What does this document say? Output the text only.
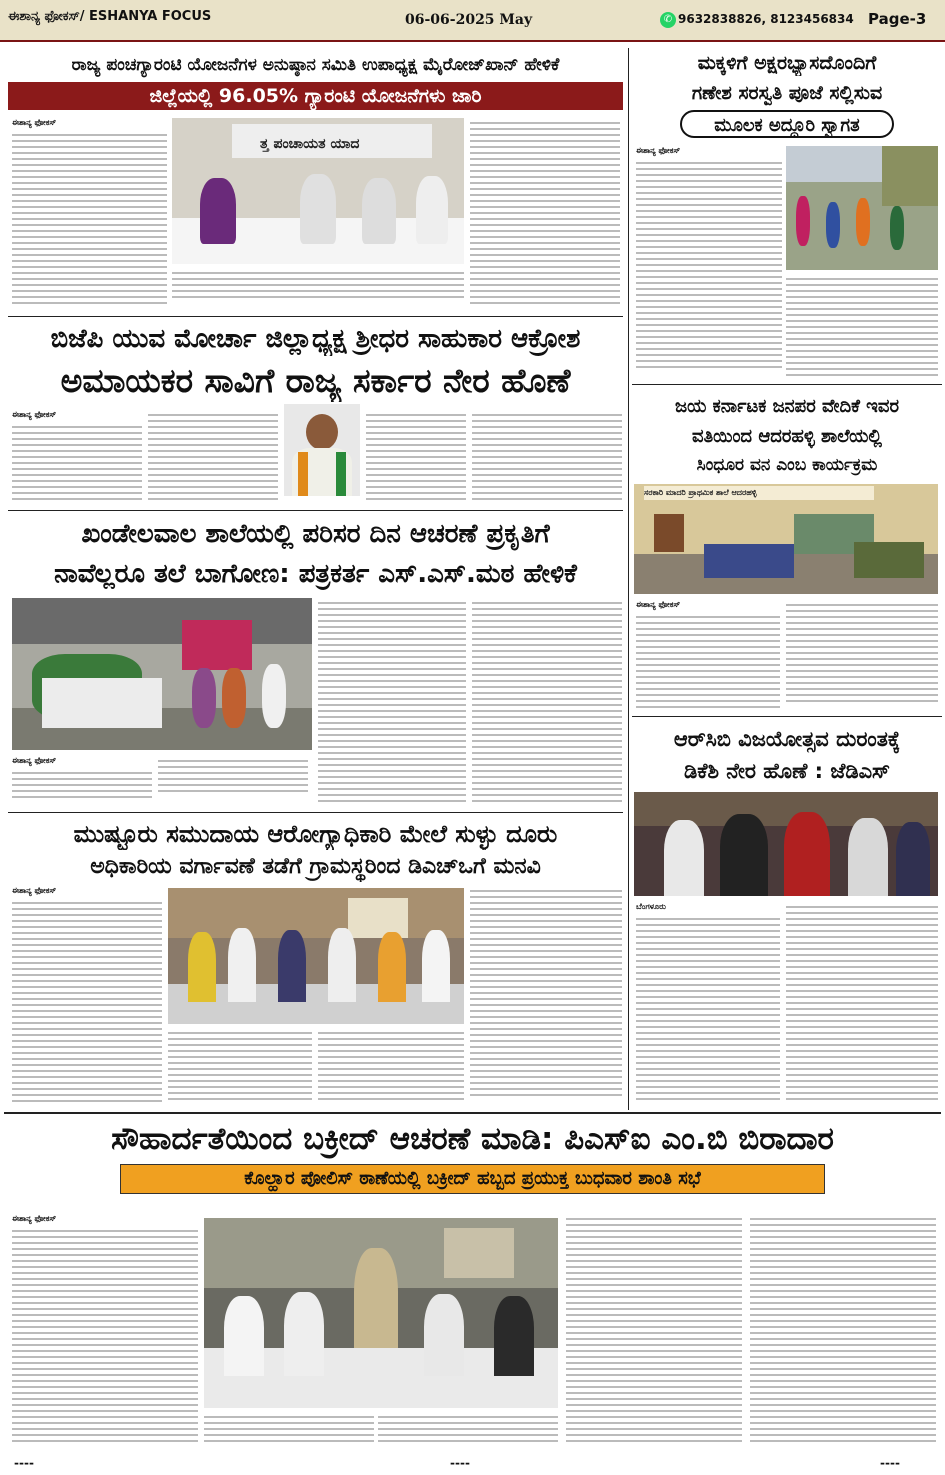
ಈಶಾನ್ಯ ಫೋಕಸ್/ ESHANYA FOCUS	06-06-2025 May	✆ 9632838826, 8123456834 Page-3
ರಾಜ್ಯ ಪಂಚಗ್ಯಾರಂಟಿ ಯೋಜನೆಗಳ ಅನುಷ್ಠಾನ ಸಮಿತಿ ಉಪಾಧ್ಯಕ್ಷ ಮೈರೋಜ್‌ಖಾನ್ ಹೇಳಿಕೆ
ಜಿಲ್ಲೆಯಲ್ಲಿ 96.05% ಗ್ಯಾರಂಟಿ ಯೋಜನೆಗಳು ಜಾರಿ
ಈಶಾನ್ಯ ಫೋಕಸ್
ತ್ತ ಪಂಚಾಯತ ಯಾದ
ಮಕ್ಕಳಿಗೆ ಅಕ್ಷರಭ್ಯಾಸದೊಂದಿಗೆ
ಗಣೇಶ ಸರಸ್ವತಿ ಪೂಜೆ ಸಲ್ಲಿಸುವ
ಮೂಲಕ ಅದ್ದೂರಿ ಸ್ವಾಗತ
ಈಶಾನ್ಯ ಫೋಕಸ್
ಬಿಜೆಪಿ ಯುವ ಮೋರ್ಚಾ ಜಿಲ್ಲಾಧ್ಯಕ್ಷ ಶ್ರೀಧರ ಸಾಹುಕಾರ ಆಕ್ರೋಶ
ಅಮಾಯಕರ ಸಾವಿಗೆ ರಾಜ್ಯ ಸರ್ಕಾರ ನೇರ ಹೊಣೆ
ಈಶಾನ್ಯ ಫೋಕಸ್	ಜಯ ಕರ್ನಾಟಕ ಜನಪರ ವೇದಿಕೆ ಇವರ
ವತಿಯಿಂದ ಆದರಹಳ್ಳಿ ಶಾಲೆಯಲ್ಲಿ
ಸಿಂಧೂರ ವನ ಎಂಬ ಕಾರ್ಯಕ್ರಮ
ಸರಕಾರಿ ಮಾದರಿ ಪ್ರಾಥಮಿಕ ಶಾಲೆ ಆದರಹಳ್ಳಿ
ಈಶಾನ್ಯ ಫೋಕಸ್
ಖಂಡೇಲವಾಲ ಶಾಲೆಯಲ್ಲಿ ಪರಿಸರ ದಿನ ಆಚರಣೆ ಪ್ರಕೃತಿಗೆ
ನಾವೆಲ್ಲರೂ ತಲೆ ಬಾಗೋಣ: ಪತ್ರಕರ್ತ ಎಸ್.ಎಸ್.ಮಠ ಹೇಳಿಕೆ
ಈಶಾನ್ಯ ಫೋಕಸ್
ಆರ್‌ಸಿಬಿ ವಿಜಯೋತ್ಸವ ದುರಂತಕ್ಕೆ
ಡಿಕೆಶಿ ನೇರ ಹೊಣೆ : ಜೆಡಿಎಸ್
ಬೆಂಗಳೂರು
ಮುಷ್ಟೂರು ಸಮುದಾಯ ಆರೋಗ್ಯಾಧಿಕಾರಿ ಮೇಲೆ ಸುಳ್ಳು ದೂರು
ಅಧಿಕಾರಿಯ ವರ್ಗಾವಣೆ ತಡೆಗೆ ಗ್ರಾಮಸ್ಥರಿಂದ ಡಿಎಚ್‌ಒಗೆ ಮನವಿ
ಈಶಾನ್ಯ ಫೋಕಸ್
ಸೌಹಾರ್ದತೆಯಿಂದ ಬಕ್ರೀದ್ ಆಚರಣೆ ಮಾಡಿ: ಪಿಎಸ್‌ಐ ಎಂ.ಬಿ ಬಿರಾದಾರ
ಕೊಲ್ಹಾರ ಪೋಲಿಸ್ ಠಾಣೆಯಲ್ಲಿ ಬಕ್ರೀದ್ ಹಬ್ಬದ ಪ್ರಯುಕ್ತ ಬುಧವಾರ ಶಾಂತಿ ಸಭೆ
ಈಶಾನ್ಯ ಫೋಕಸ್
----	----	----
